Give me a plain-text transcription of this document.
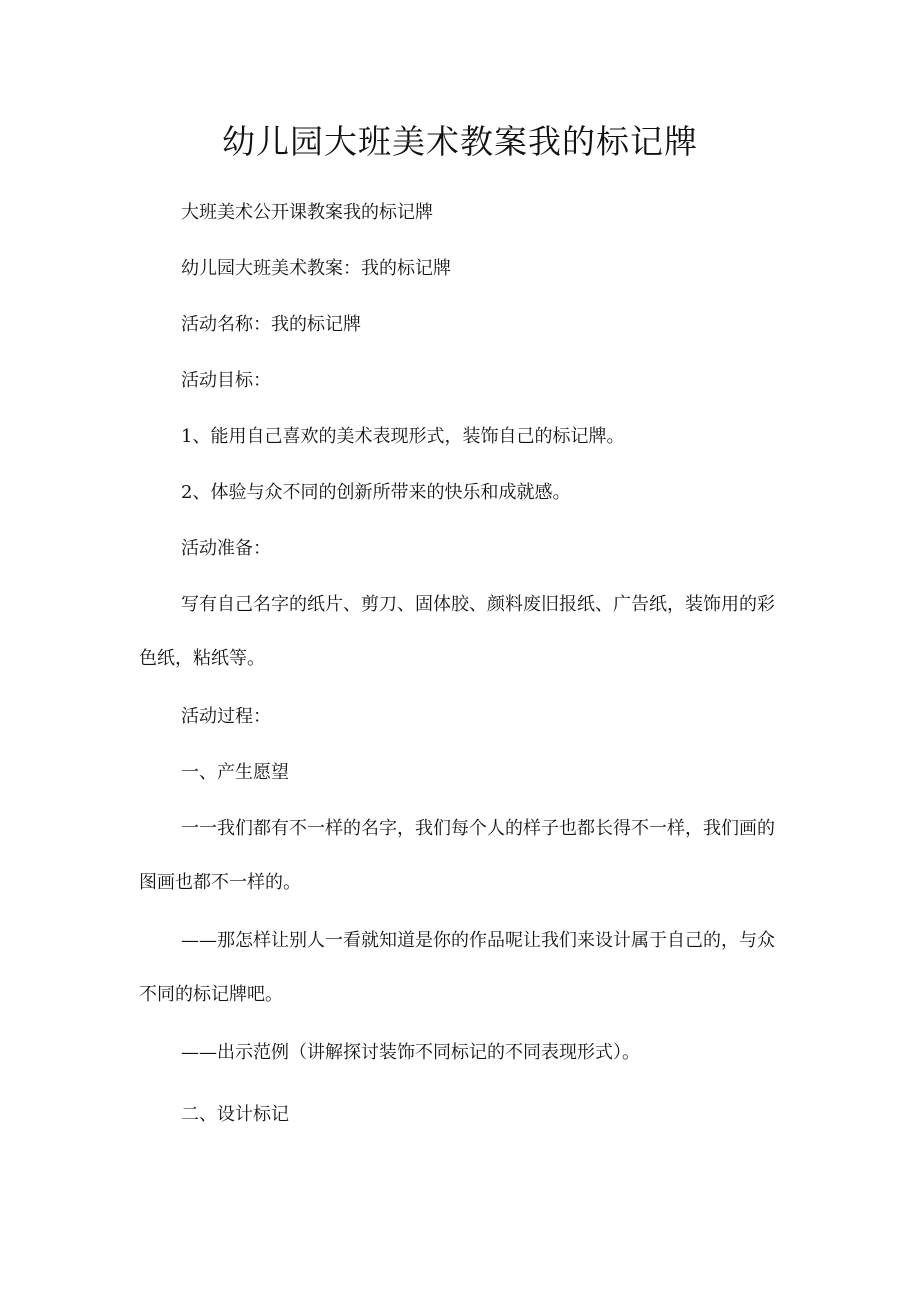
幼儿园大班美术教案我的标记牌

大班美术公开课教案我的标记牌

幼儿园大班美术教案：我的标记牌

活动名称：我的标记牌

活动目标：

1、能用自己喜欢的美术表现形式，装饰自己的标记牌。

2、体验与众不同的创新所带来的快乐和成就感。

活动准备：

写有自己名字的纸片、剪刀、固体胶、颜料废旧报纸、广告纸，装饰用的彩色纸，粘纸等。

活动过程：

一、产生愿望

一一我们都有不一样的名字，我们每个人的样子也都长得不一样，我们画的图画也都不一样的。

——那怎样让别人一看就知道是你的作品呢让我们来设计属于自己的，与众不同的标记牌吧。

——出示范例（讲解探讨装饰不同标记的不同表现形式）。

二、设计标记
